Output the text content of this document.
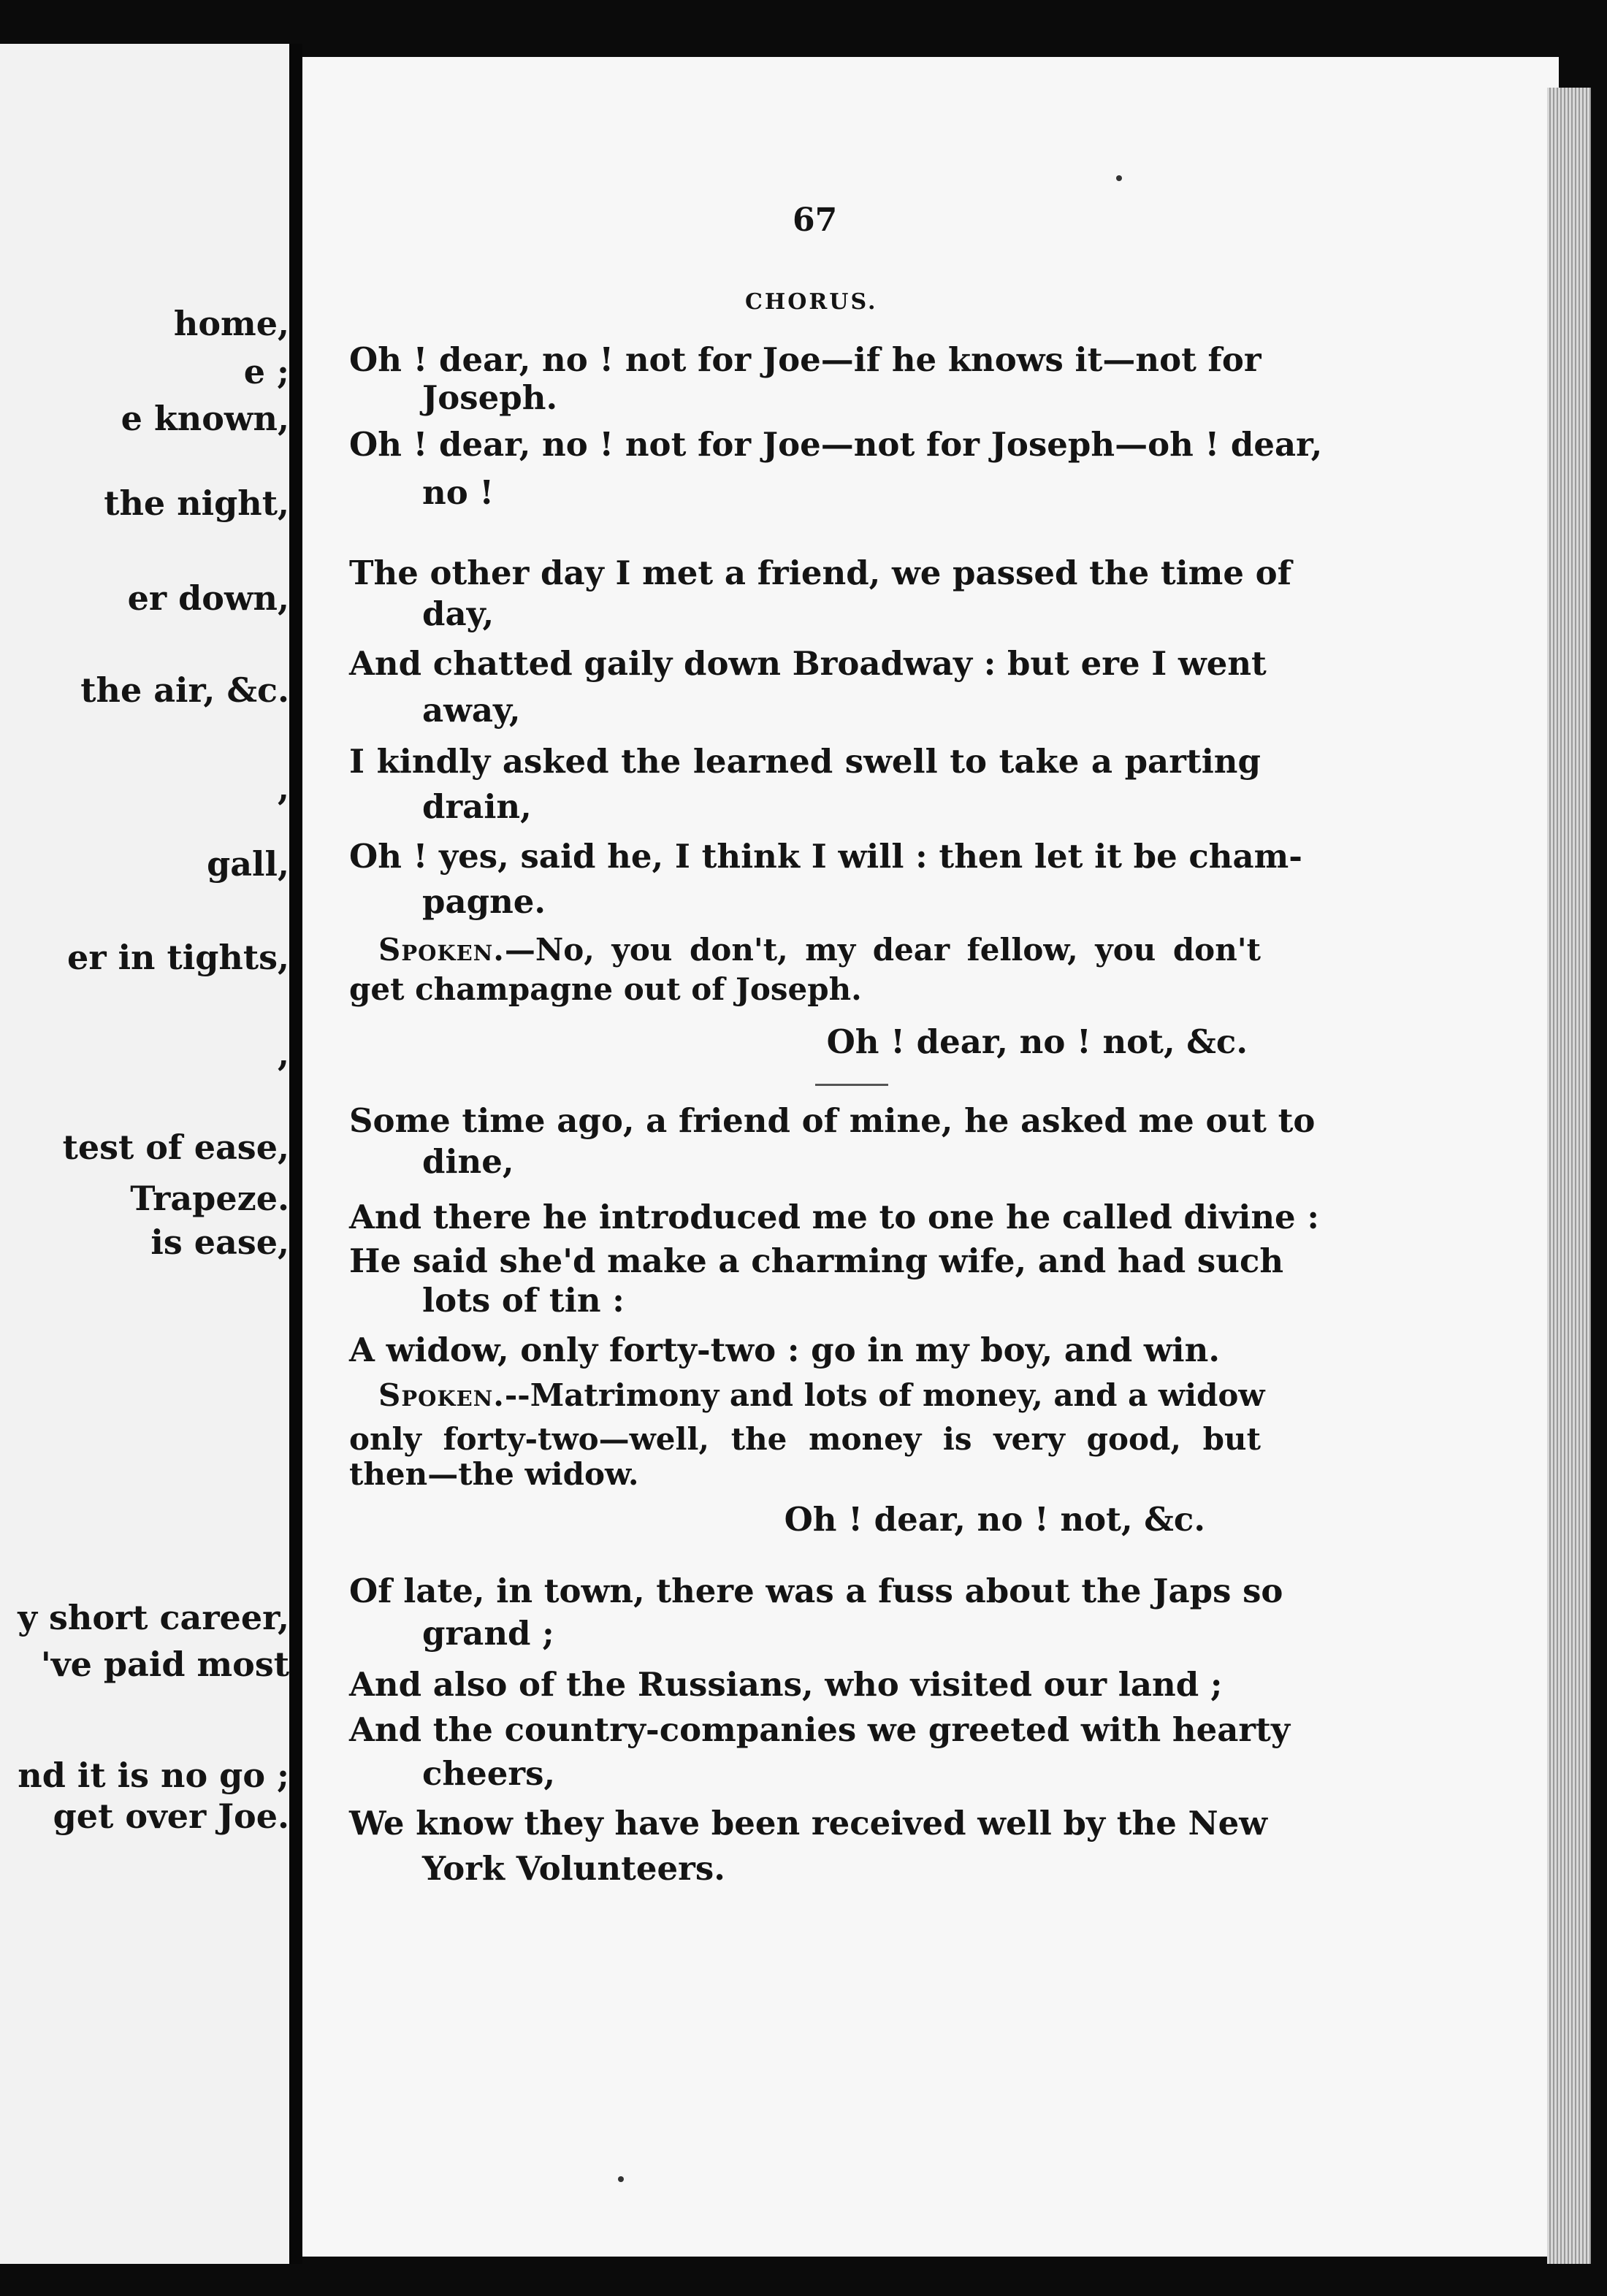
home,
e ;
e known,
the night,
er down,
the air, &c.
,
gall,
er in tights,
,
test of ease,
Trapeze.
is ease,
y short career,
've paid most
nd it is no go ;
get over Joe.
67
CHORUS.
Oh ! dear, no ! not for Joe—if he knows it—not for
Joseph.
Oh ! dear, no ! not for Joe—not for Joseph—oh ! dear,
no !
The other day I met a friend, we passed the time of
day,
And chatted gaily down Broadway : but ere I went
away,
I kindly asked the learned swell to take a parting
drain,
Oh ! yes, said he, I think I will : then let it be cham-
pagne.
Spoken.—No, you don't, my dear fellow, you don't
get champagne out of Joseph.
Oh ! dear, no ! not, &c.
Some time ago, a friend of mine, he asked me out to
dine,
And there he introduced me to one he called divine :
He said she'd make a charming wife, and had such
lots of tin :
A widow, only forty-two : go in my boy, and win.
Spoken.--Matrimony and lots of money, and a widow
only forty-two—well, the money is very good, but
then—the widow.
Oh ! dear, no ! not, &c.
Of late, in town, there was a fuss about the Japs so
grand ;
And also of the Russians, who visited our land ;
And the country-companies we greeted with hearty
cheers,
We know they have been received well by the New
York Volunteers.
